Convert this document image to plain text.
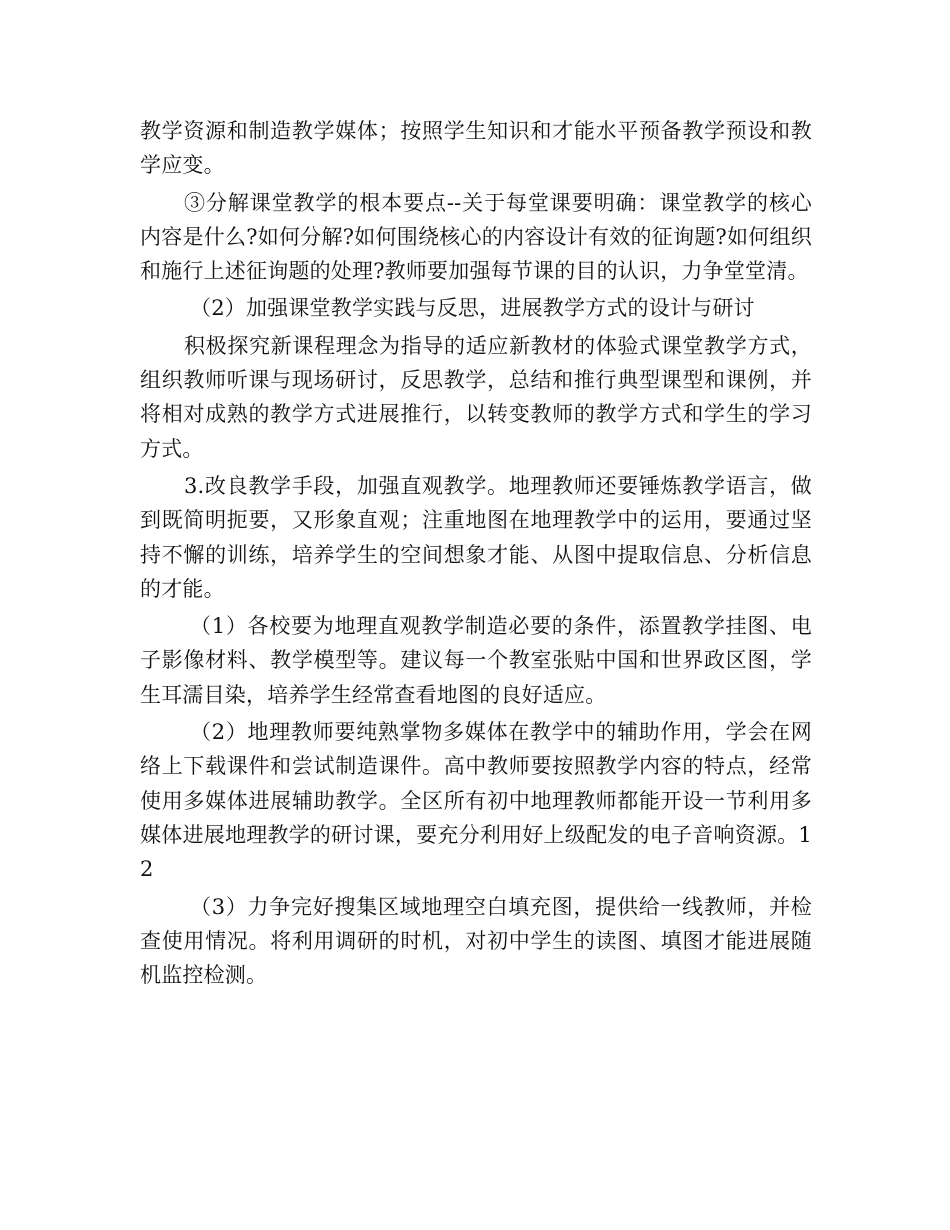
教学资源和制造教学媒体；按照学生知识和才能水平预备教学预设和教学应变。

③分解课堂教学的根本要点--关于每堂课要明确：课堂教学的核心内容是什么?如何分解?如何围绕核心的内容设计有效的征询题?如何组织和施行上述征询题的处理?教师要加强每节课的目的认识，力争堂堂清。

（2）加强课堂教学实践与反思，进展教学方式的设计与研讨

积极探究新课程理念为指导的适应新教材的体验式课堂教学方式，组织教师听课与现场研讨，反思教学，总结和推行典型课型和课例，并将相对成熟的教学方式进展推行，以转变教师的教学方式和学生的学习方式。

3.改良教学手段，加强直观教学。地理教师还要锤炼教学语言，做到既简明扼要，又形象直观；注重地图在地理教学中的运用，要通过坚持不懈的训练，培养学生的空间想象才能、从图中提取信息、分析信息的才能。

（1）各校要为地理直观教学制造必要的条件，添置教学挂图、电子影像材料、教学模型等。建议每一个教室张贴中国和世界政区图，学生耳濡目染，培养学生经常查看地图的良好适应。

（2）地理教师要纯熟掌物多媒体在教学中的辅助作用，学会在网络上下载课件和尝试制造课件。高中教师要按照教学内容的特点，经常使用多媒体进展辅助教学。全区所有初中地理教师都能开设一节利用多媒体进展地理教学的研讨课，要充分利用好上级配发的电子音响资源。12

（3）力争完好搜集区域地理空白填充图，提供给一线教师，并检查使用情况。将利用调研的时机，对初中学生的读图、填图才能进展随机监控检测。
